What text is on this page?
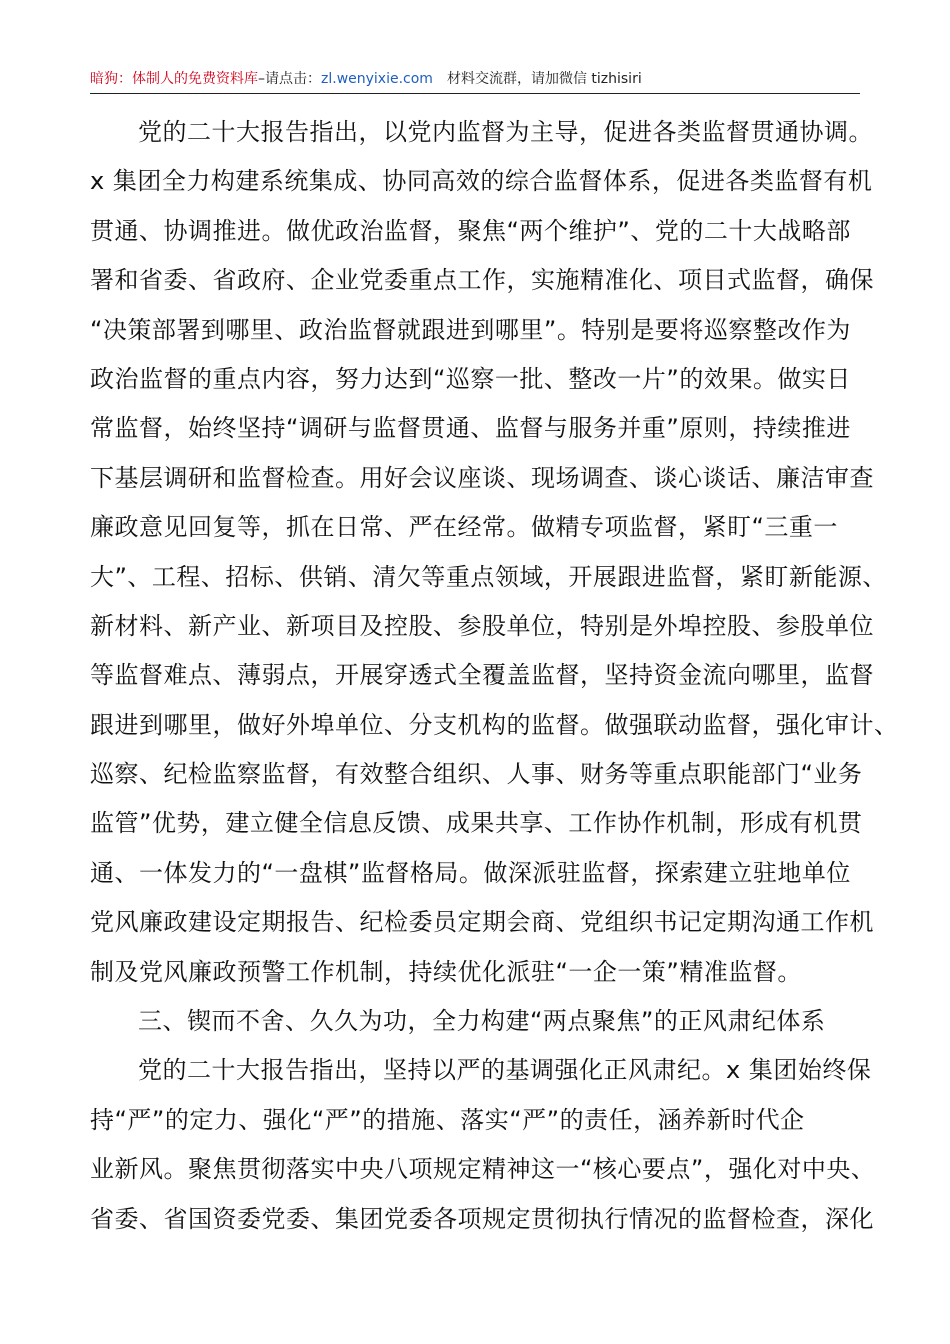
暗狗：体制人的免费资料库–请点击：zl.wenyixie.com 材料交流群，请加微信 tizhisiri
党的二十大报告指出，以党内监督为主导，促进各类监督贯通协调。
x 集团全力构建系统集成、协同高效的综合监督体系，促进各类监督有机
贯通、协调推进。做优政治监督，聚焦“两个维护”、党的二十大战略部
署和省委、省政府、企业党委重点工作，实施精准化、项目式监督，确保
“决策部署到哪里、政治监督就跟进到哪里”。特别是要将巡察整改作为
政治监督的重点内容，努力达到“巡察一批、整改一片”的效果。做实日
常监督，始终坚持“调研与监督贯通、监督与服务并重”原则，持续推进
下基层调研和监督检查。用好会议座谈、现场调查、谈心谈话、廉洁审查
廉政意见回复等，抓在日常、严在经常。做精专项监督，紧盯“三重一
大”、工程、招标、供销、清欠等重点领域，开展跟进监督，紧盯新能源、
新材料、新产业、新项目及控股、参股单位，特别是外埠控股、参股单位
等监督难点、薄弱点，开展穿透式全覆盖监督，坚持资金流向哪里，监督
跟进到哪里，做好外埠单位、分支机构的监督。做强联动监督，强化审计、
巡察、纪检监察监督，有效整合组织、人事、财务等重点职能部门“业务
监管”优势，建立健全信息反馈、成果共享、工作协作机制，形成有机贯
通、一体发力的“一盘棋”监督格局。做深派驻监督，探索建立驻地单位
党风廉政建设定期报告、纪检委员定期会商、党组织书记定期沟通工作机
制及党风廉政预警工作机制，持续优化派驻“一企一策”精准监督。
三、锲而不舍、久久为功，全力构建“两点聚焦”的正风肃纪体系
党的二十大报告指出，坚持以严的基调强化正风肃纪。x 集团始终保
持“严”的定力、强化“严”的措施、落实“严”的责任，涵养新时代企
业新风。聚焦贯彻落实中央八项规定精神这一“核心要点”，强化对中央、
省委、省国资委党委、集团党委各项规定贯彻执行情况的监督检查，深化
